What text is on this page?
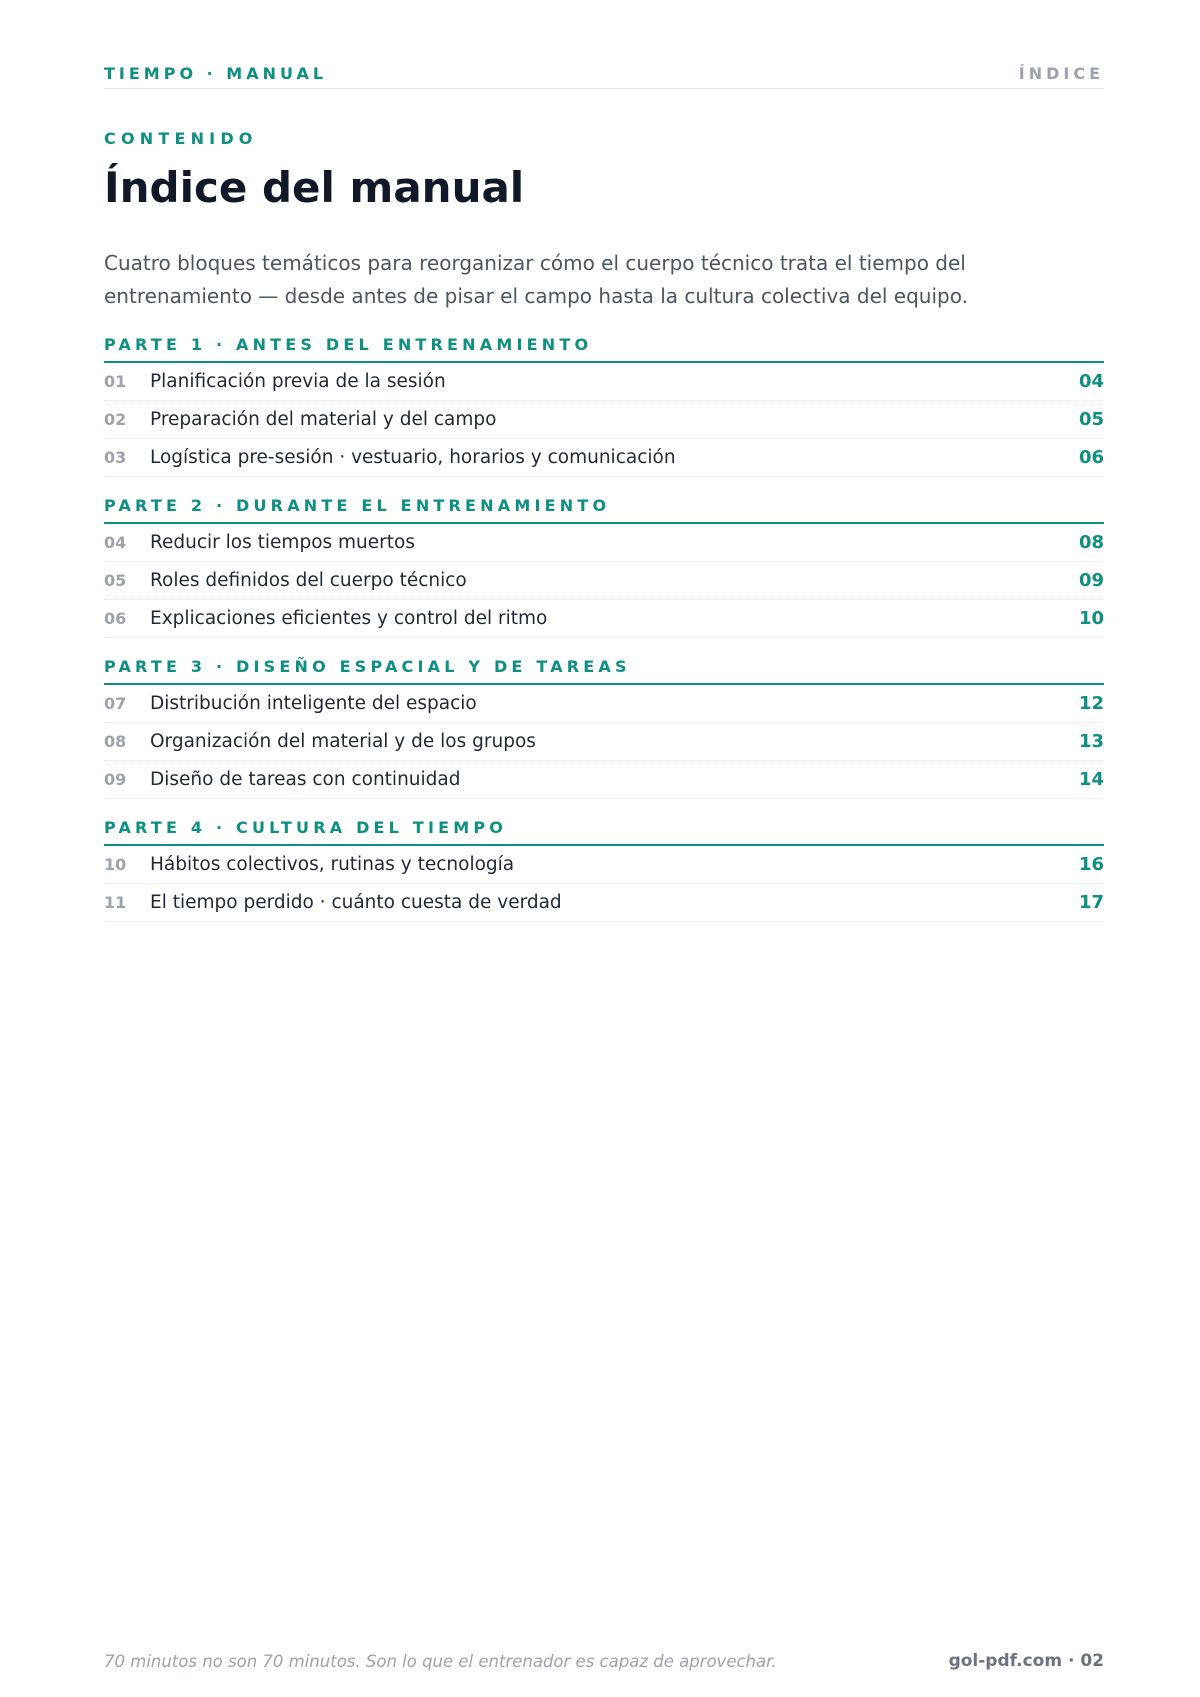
TIEMPO · MANUAL	ÍNDICE
CONTENIDO
Índice del manual

Cuatro bloques temáticos para reorganizar cómo el cuerpo técnico trata el tiempo del entrenamiento — desde antes de pisar el campo hasta la cultura colectiva del equipo.

PARTE 1 · ANTES DEL ENTRENAMIENTO
01 Planificación previa de la sesión	04
02 Preparación del material y del campo	05
03 Logística pre-sesión · vestuario, horarios y comunicación	06
PARTE 2 · DURANTE EL ENTRENAMIENTO
04 Reducir los tiempos muertos	08
05 Roles definidos del cuerpo técnico	09
06 Explicaciones eficientes y control del ritmo	10
PARTE 3 · DISEÑO ESPACIAL Y DE TAREAS
07 Distribución inteligente del espacio	12
08 Organización del material y de los grupos	13
09 Diseño de tareas con continuidad	14
PARTE 4 · CULTURA DEL TIEMPO
10 Hábitos colectivos, rutinas y tecnología	16
11 El tiempo perdido · cuánto cuesta de verdad	17
70 minutos no son 70 minutos. Son lo que el entrenador es capaz de aprovechar.	gol-pdf.com · 02
